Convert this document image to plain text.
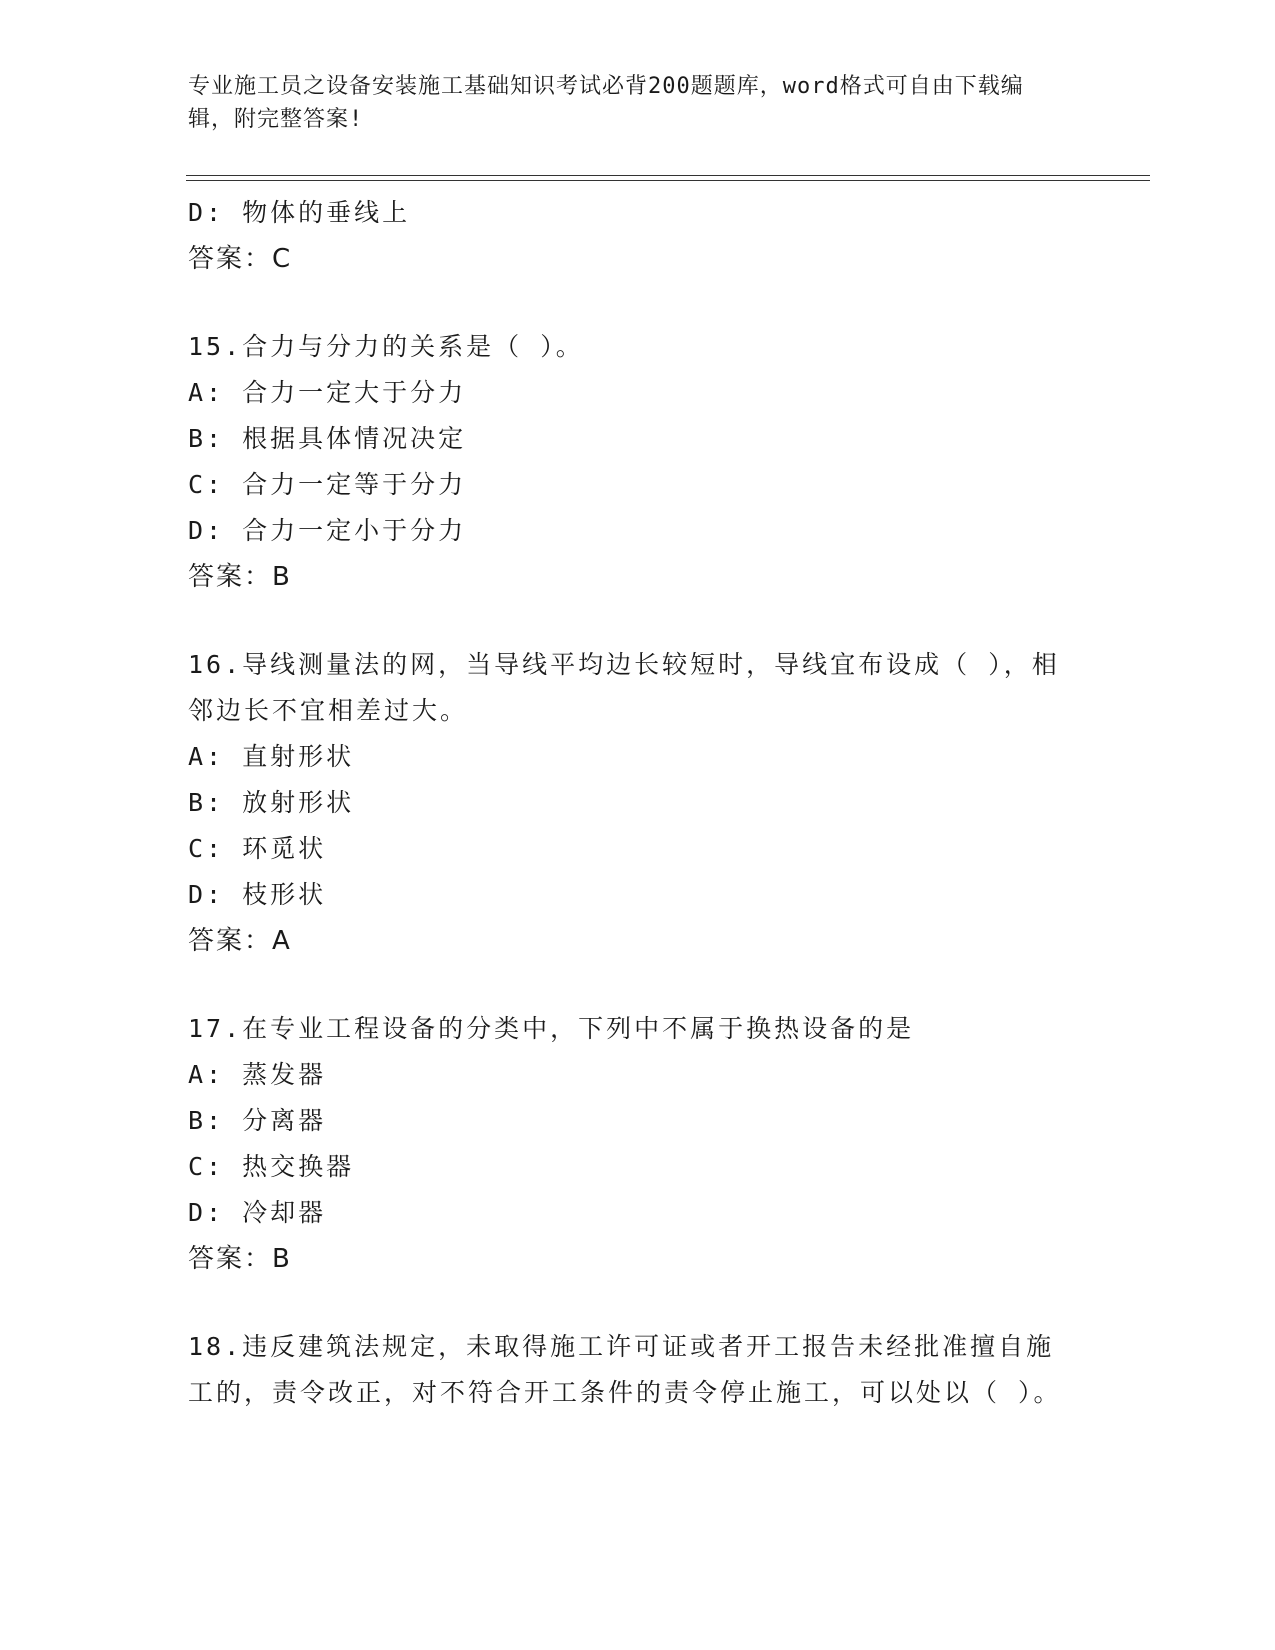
专业施工员之设备安装施工基础知识考试必背200题题库，word格式可自由下载编辑，附完整答案!
D: 物体的垂线上
答案：C
15.合力与分力的关系是（ ）。
A: 合力一定大于分力
B: 根据具体情况决定
C: 合力一定等于分力
D: 合力一定小于分力
答案：B
16.导线测量法的网，当导线平均边长较短时，导线宜布设成（ ），相邻边长不宜相差过大。
A: 直射形状
B: 放射形状
C: 环觅状
D: 枝形状
答案：A
17.在专业工程设备的分类中，下列中不属于换热设备的是
A: 蒸发器
B: 分离器
C: 热交换器
D: 冷却器
答案：B
18.违反建筑法规定，未取得施工许可证或者开工报告未经批准擅自施工的，责令改正，对不符合开工条件的责令停止施工，可以处以（ ）。
